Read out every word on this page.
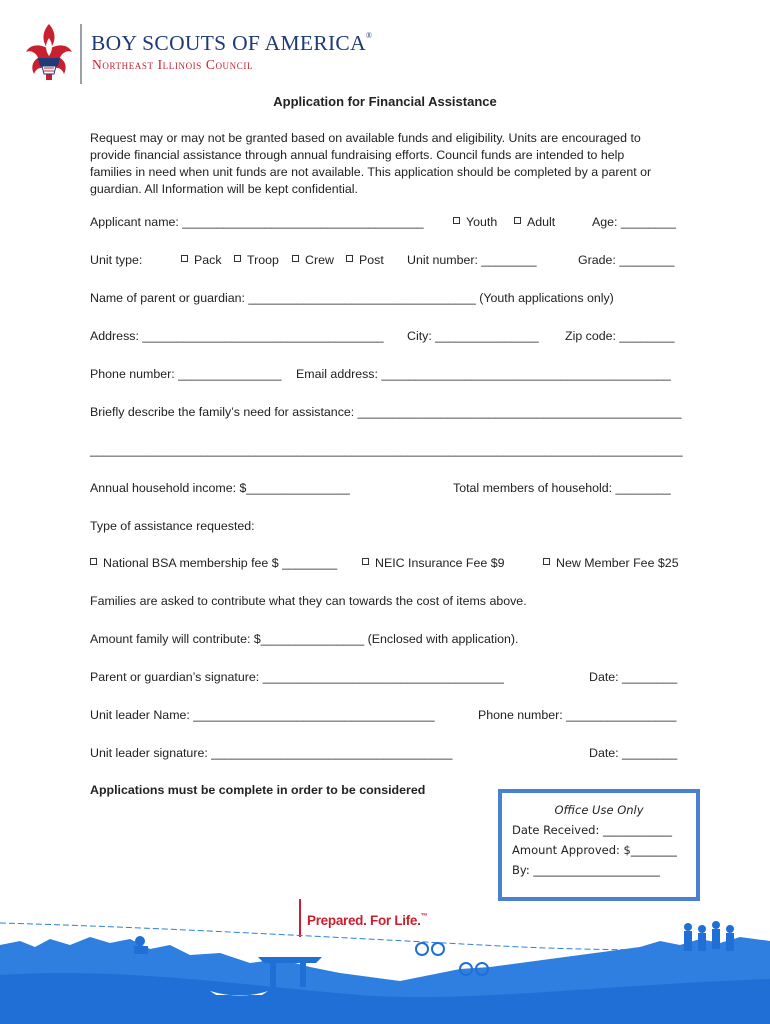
BOY SCOUTS OF AMERICA®
Northeast Illinois Council
Application for Financial Assistance
Request may or may not be granted based on available funds and eligibility. Units are encouraged to
provide financial assistance through annual fundraising efforts. Council funds are intended to help
families in need when unit funds are not available. This application should be completed by a parent or
guardian. All Information will be kept confidential.
Applicant name: ___________________________________	Youth	Adult	Age: ________
Unit type:	Pack	Troop	Crew	Post Unit number: ________	Grade: ________
Name of parent or guardian: _________________________________ (Youth applications only)
Address: ___________________________________ City: _______________ Zip code: ________
Phone number: _______________ Email address: __________________________________________
Briefly describe the family’s need for assistance: _______________________________________________
______________________________________________________________________________________
Annual household income: $_______________	Total members of household: ________
Type of assistance requested:
National BSA membership fee $ ________	NEIC Insurance Fee $9	New Member Fee $25
Families are asked to contribute what they can towards the cost of items above.
Amount family will contribute: $_______________ (Enclosed with application).
Parent or guardian’s signature: ___________________________________	Date: ________
Unit leader Name: ___________________________________	Phone number: ________________
Unit leader signature: ___________________________________	Date: ________
Applications must be complete in order to be considered
Office Use Only
Date Received: ____________
Amount Approved: $________
By: ______________________
Prepared. For Life.™
